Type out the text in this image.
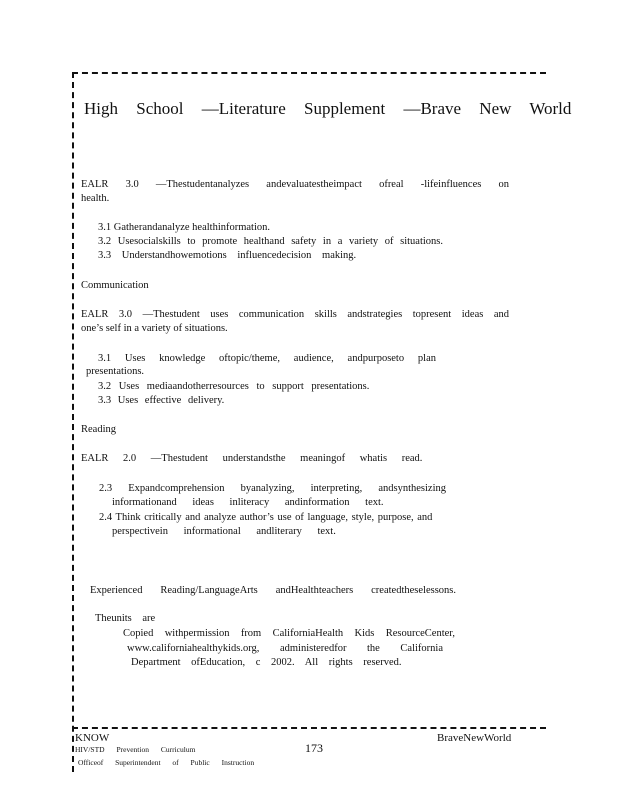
High School —Literature Supplement —Brave New World
EALR 3.0 —Thestudentanalyzes andevaluatestheimpact ofreal -lifeinfluences on
health.
3.1 Gatherandanalyze healthinformation.
3.2 Usesocialskills to promote healthand safety in a variety of situations.
3.3 Understandhowemotions influencedecision making.
Communication
EALR 3.0 —Thestudent uses communication skills andstrategies topresent ideas and
one’s self in a variety of situations.
3.1 Uses knowledge oftopic/theme, audience, andpurposeto plan
presentations.
3.2 Uses mediaandotherresources to support presentations.
3.3 Uses effective delivery.
Reading
EALR 2.0 —Thestudent understandsthe meaningof whatis read.
2.3 Expandcomprehension byanalyzing, interpreting, andsynthesizing
informationand ideas inliteracy andinformation text.
2.4 Think critically and analyze author’s use of language, style, purpose, and
perspectivein informational andliterary text.
Experienced Reading/LanguageArts andHealthteachers createdtheselessons.
Theunits are
Copied withpermission from CaliforniaHealth Kids ResourceCenter,
www.californiahealthykids.org, administeredfor the California
Department ofEducation, c 2002. All rights reserved.
KNOW	BraveNewWorld
173
HIV/STD Prevention Curriculum
Officeof Superintendent of Public Instruction
